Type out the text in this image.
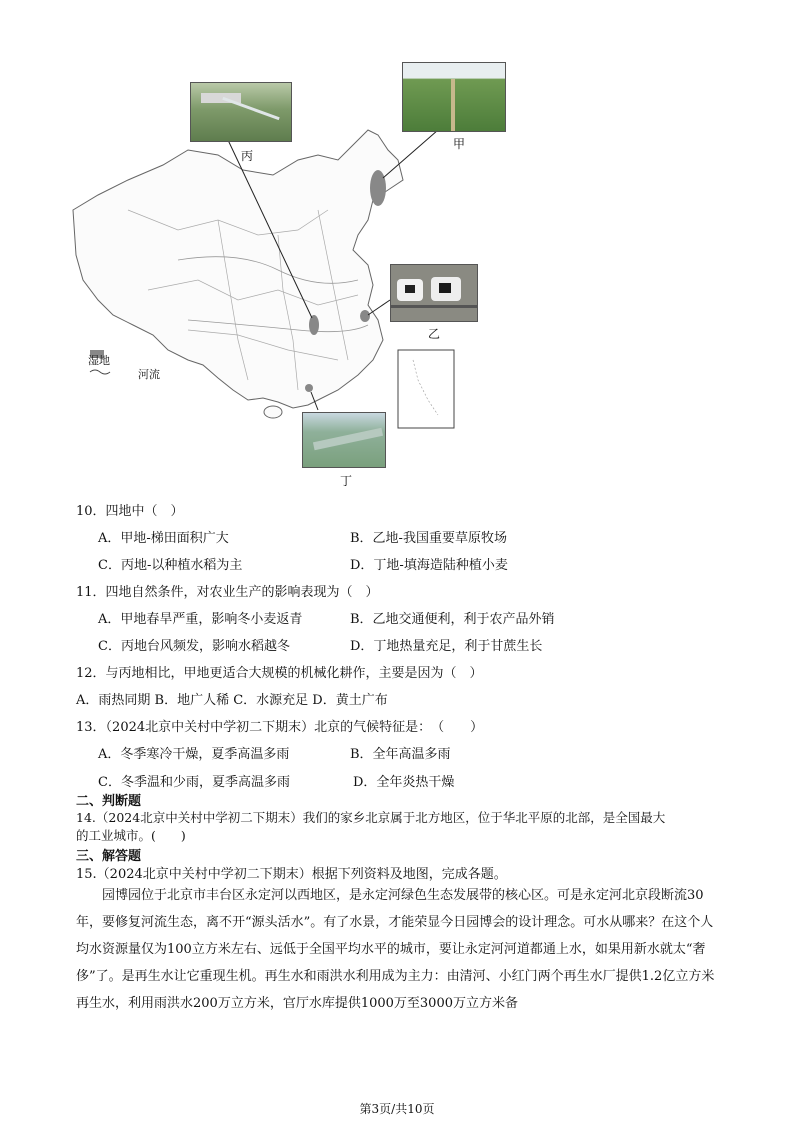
丙
甲
乙
丁
湿地
河流
10．四地中（　）
A．甲地-梯田面积广大	B．乙地-我国重要草原牧场
C．丙地-以种植水稻为主	D．丁地-填海造陆种植小麦
11．四地自然条件，对农业生产的影响表现为（　）
A．甲地春旱严重，影响冬小麦返青	B．乙地交通便利，利于农产品外销
C．丙地台风频发，影响水稻越冬	D．丁地热量充足，利于甘蔗生长
12．与丙地相比，甲地更适合大规模的机械化耕作，主要是因为（　）
A．雨热同期 B．地广人稀 C．水源充足 D．黄土广布
13．（2024北京中关村中学初二下期末）北京的气候特征是：　（　　）
A．冬季寒冷干燥，夏季高温多雨	B．全年高温多雨
C．冬季温和少雨，夏季高温多雨	D．全年炎热干燥
二、判断题
14.（2024北京中关村中学初二下期末）我们的家乡北京属于北方地区，位于华北平原的北部，是全国最大
的工业城市。(　　)
三、解答题
15.（2024北京中关村中学初二下期末）根据下列资料及地图，完成各题。
园博园位于北京市丰台区永定河以西地区，是永定河绿色生态发展带的核心区。可是永定河北京段断流30年，要修复河流生态，离不开“源头活水”。有了水景，才能荣显今日园博会的设计理念。可水从哪来？在这个人均水资源量仅为100立方米左右、远低于全国平均水平的城市，要让永定河河道都通上水，如果用新水就太“奢侈”了。是再生水让它重现生机。再生水和雨洪水利用成为主力：由清河、小红门两个再生水厂提供1.2亿立方米再生水，利用雨洪水200万立方米，官厅水库提供1000万至3000万立方米备
第3页/共10页
